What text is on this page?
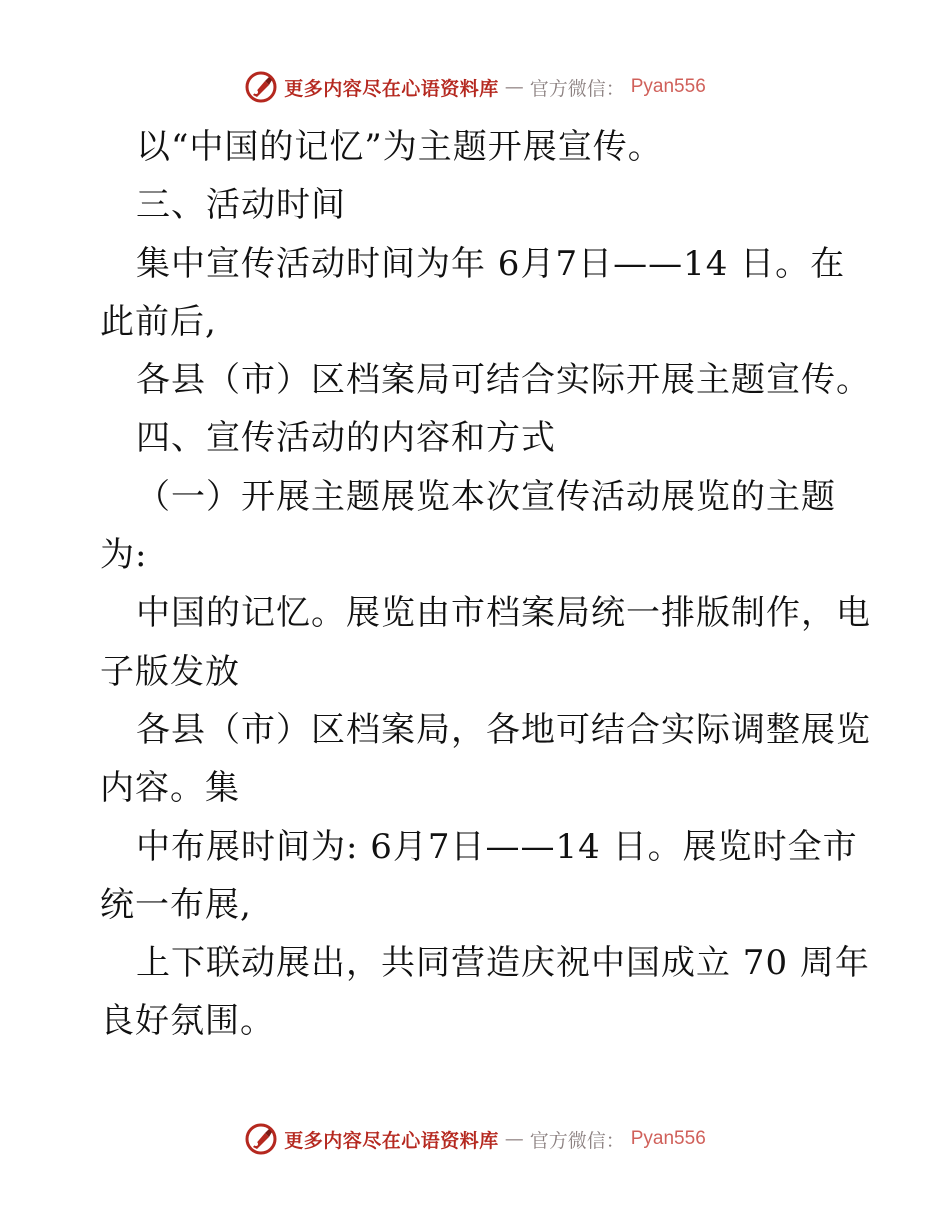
更多内容尽在心语资料库 — 官方微信： Pyan556
以“中国的记忆”为主题开展宣传。
三、活动时间
集中宣传活动时间为年 6月7日——14 日。在
此前后,
各县（市）区档案局可结合实际开展主题宣传。
四、宣传活动的内容和方式
（一）开展主题展览本次宣传活动展览的主题
为:
中国的记忆。展览由市档案局统一排版制作，电
子版发放
各县（市）区档案局，各地可结合实际调整展览
内容。集
中布展时间为: 6月7日——14 日。展览时全市
统一布展,
上下联动展出，共同营造庆祝中国成立 70 周年
良好氛围。
更多内容尽在心语资料库 — 官方微信： Pyan556
